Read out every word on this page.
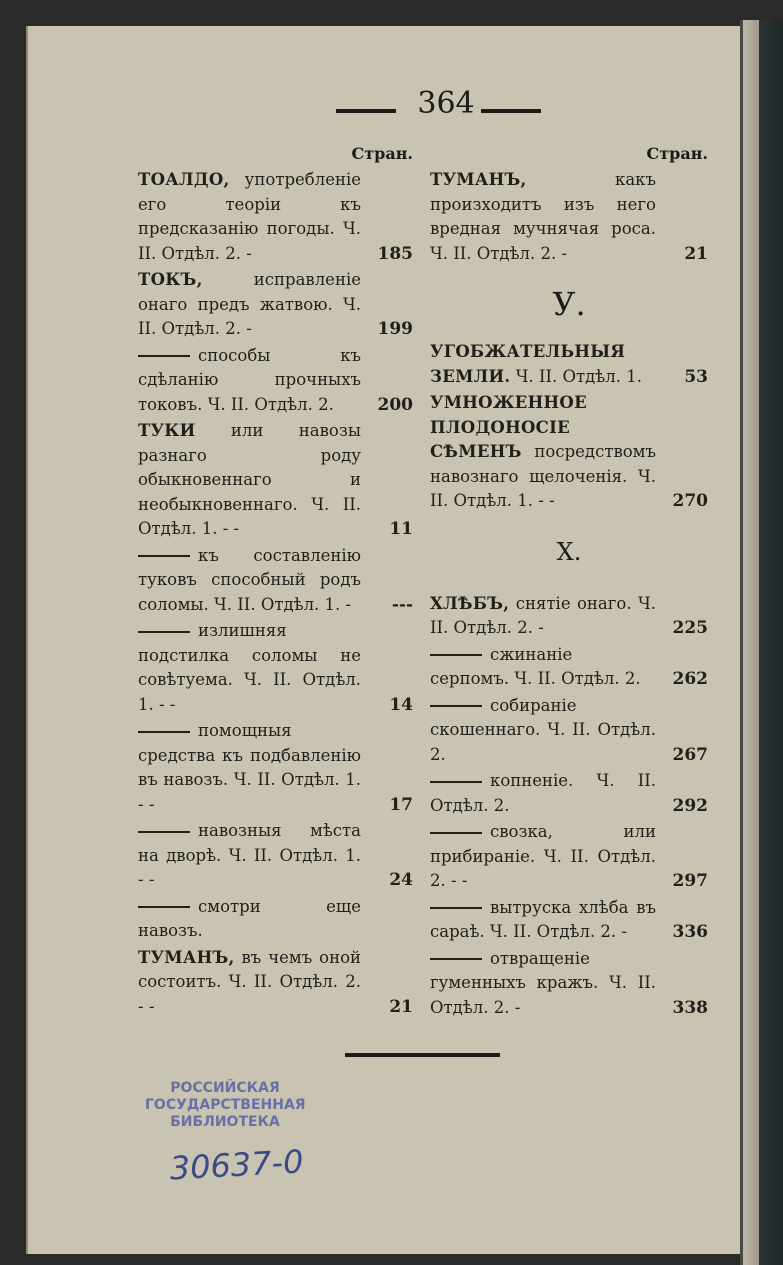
364
Стран.
ТОАЛДО, употребленіе его теоріи къ предсказанію погоды. Ч. II. Отдѣл. 2. -	185
ТОКЪ, исправленіе онаго предъ жатвою. Ч. II. Отдѣл. 2. -	199
способы къ сдѣланію прочныхъ токовъ. Ч. II. Отдѣл. 2.	200
ТУКИ или навозы разнаго роду обыкновеннаго и необыкновеннаго. Ч. II. Отдѣл. 1. - -	11
къ составленію туковъ способный родъ соломы. Ч. II. Отдѣл. 1. -	---
излишняя подстилка соломы не совѣтуема. Ч. II. Отдѣл. 1. - -	14
помощныя средства къ подбавленію въ навозъ. Ч. II. Отдѣл. 1. - -	17
навозныя мѣста на дворѣ. Ч. II. Отдѣл. 1. - -	24
смотри еще навозъ.
ТУМАНЪ, въ чемъ оной состоитъ. Ч. II. Отдѣл. 2. - -	21
Стран.
ТУМАНЪ, какъ произходитъ изъ него вредная мучнячая роса. Ч. II. Отдѣл. 2. -	21
У.
УГОБЖАТЕЛЬНЫЯ ЗЕМЛИ. Ч. II. Отдѣл. 1.	53
УМНОЖЕННОЕ ПЛОДОНОСІЕ СѢМЕНЪ посредствомъ навознаго щелоченія. Ч. II. Отдѣл. 1. - -	270
Х.
ХЛѢБЪ, снятіе онаго. Ч. II. Отдѣл. 2. -	225
сжинаніе серпомъ. Ч. II. Отдѣл. 2.	262
собираніе скошеннаго. Ч. II. Отдѣл. 2.	267
копненіе. Ч. II. Отдѣл. 2.	292
свозка, или прибираніе. Ч. II. Отдѣл. 2. - -	297
вытруска хлѣба въ сараѣ. Ч. II. Отдѣл. 2. -	336
отвращеніе гуменныхъ кражъ. Ч. II. Отдѣл. 2. -	338
РОССИЙСКАЯ
ГОСУДАРСТВЕННАЯ
БИБЛИОТЕКА
30637-0
